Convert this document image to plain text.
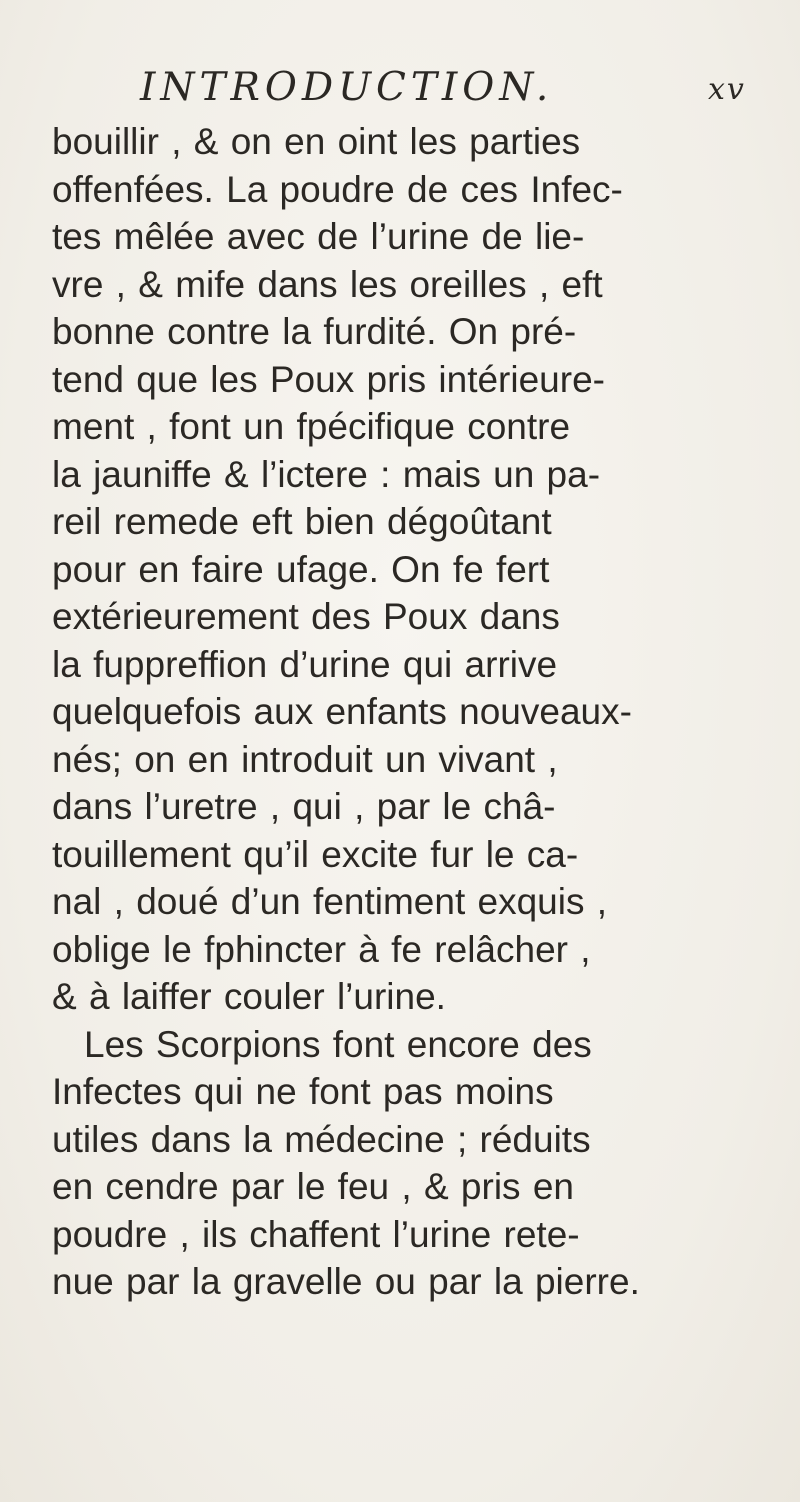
INTRODUCTION.	xv
bouillir , & on en oint les parties
offenfées. La poudre de ces Infec-
tes mêlée avec de l’urine de lie-
vre , & mife dans les oreilles , eft
bonne contre la furdité. On pré-
tend que les Poux pris intérieure-
ment , font un fpécifique contre
la jauniffe & l’ictere : mais un pa-
reil remede eft bien dégoûtant
pour en faire ufage. On fe fert
extérieurement des Poux dans
la fuppreffion d’urine qui arrive
quelquefois aux enfants nouveaux-
nés; on en introduit un vivant ,
dans l’uretre , qui , par le châ-
touillement qu’il excite fur le ca-
nal , doué d’un fentiment exquis ,
oblige le fphincter à fe relâcher ,
& à laiffer couler l’urine.
Les Scorpions font encore des
Infectes qui ne font pas moins
utiles dans la médecine ; réduits
en cendre par le feu , & pris en
poudre , ils chaffent l’urine rete-
nue par la gravelle ou par la pierre.
